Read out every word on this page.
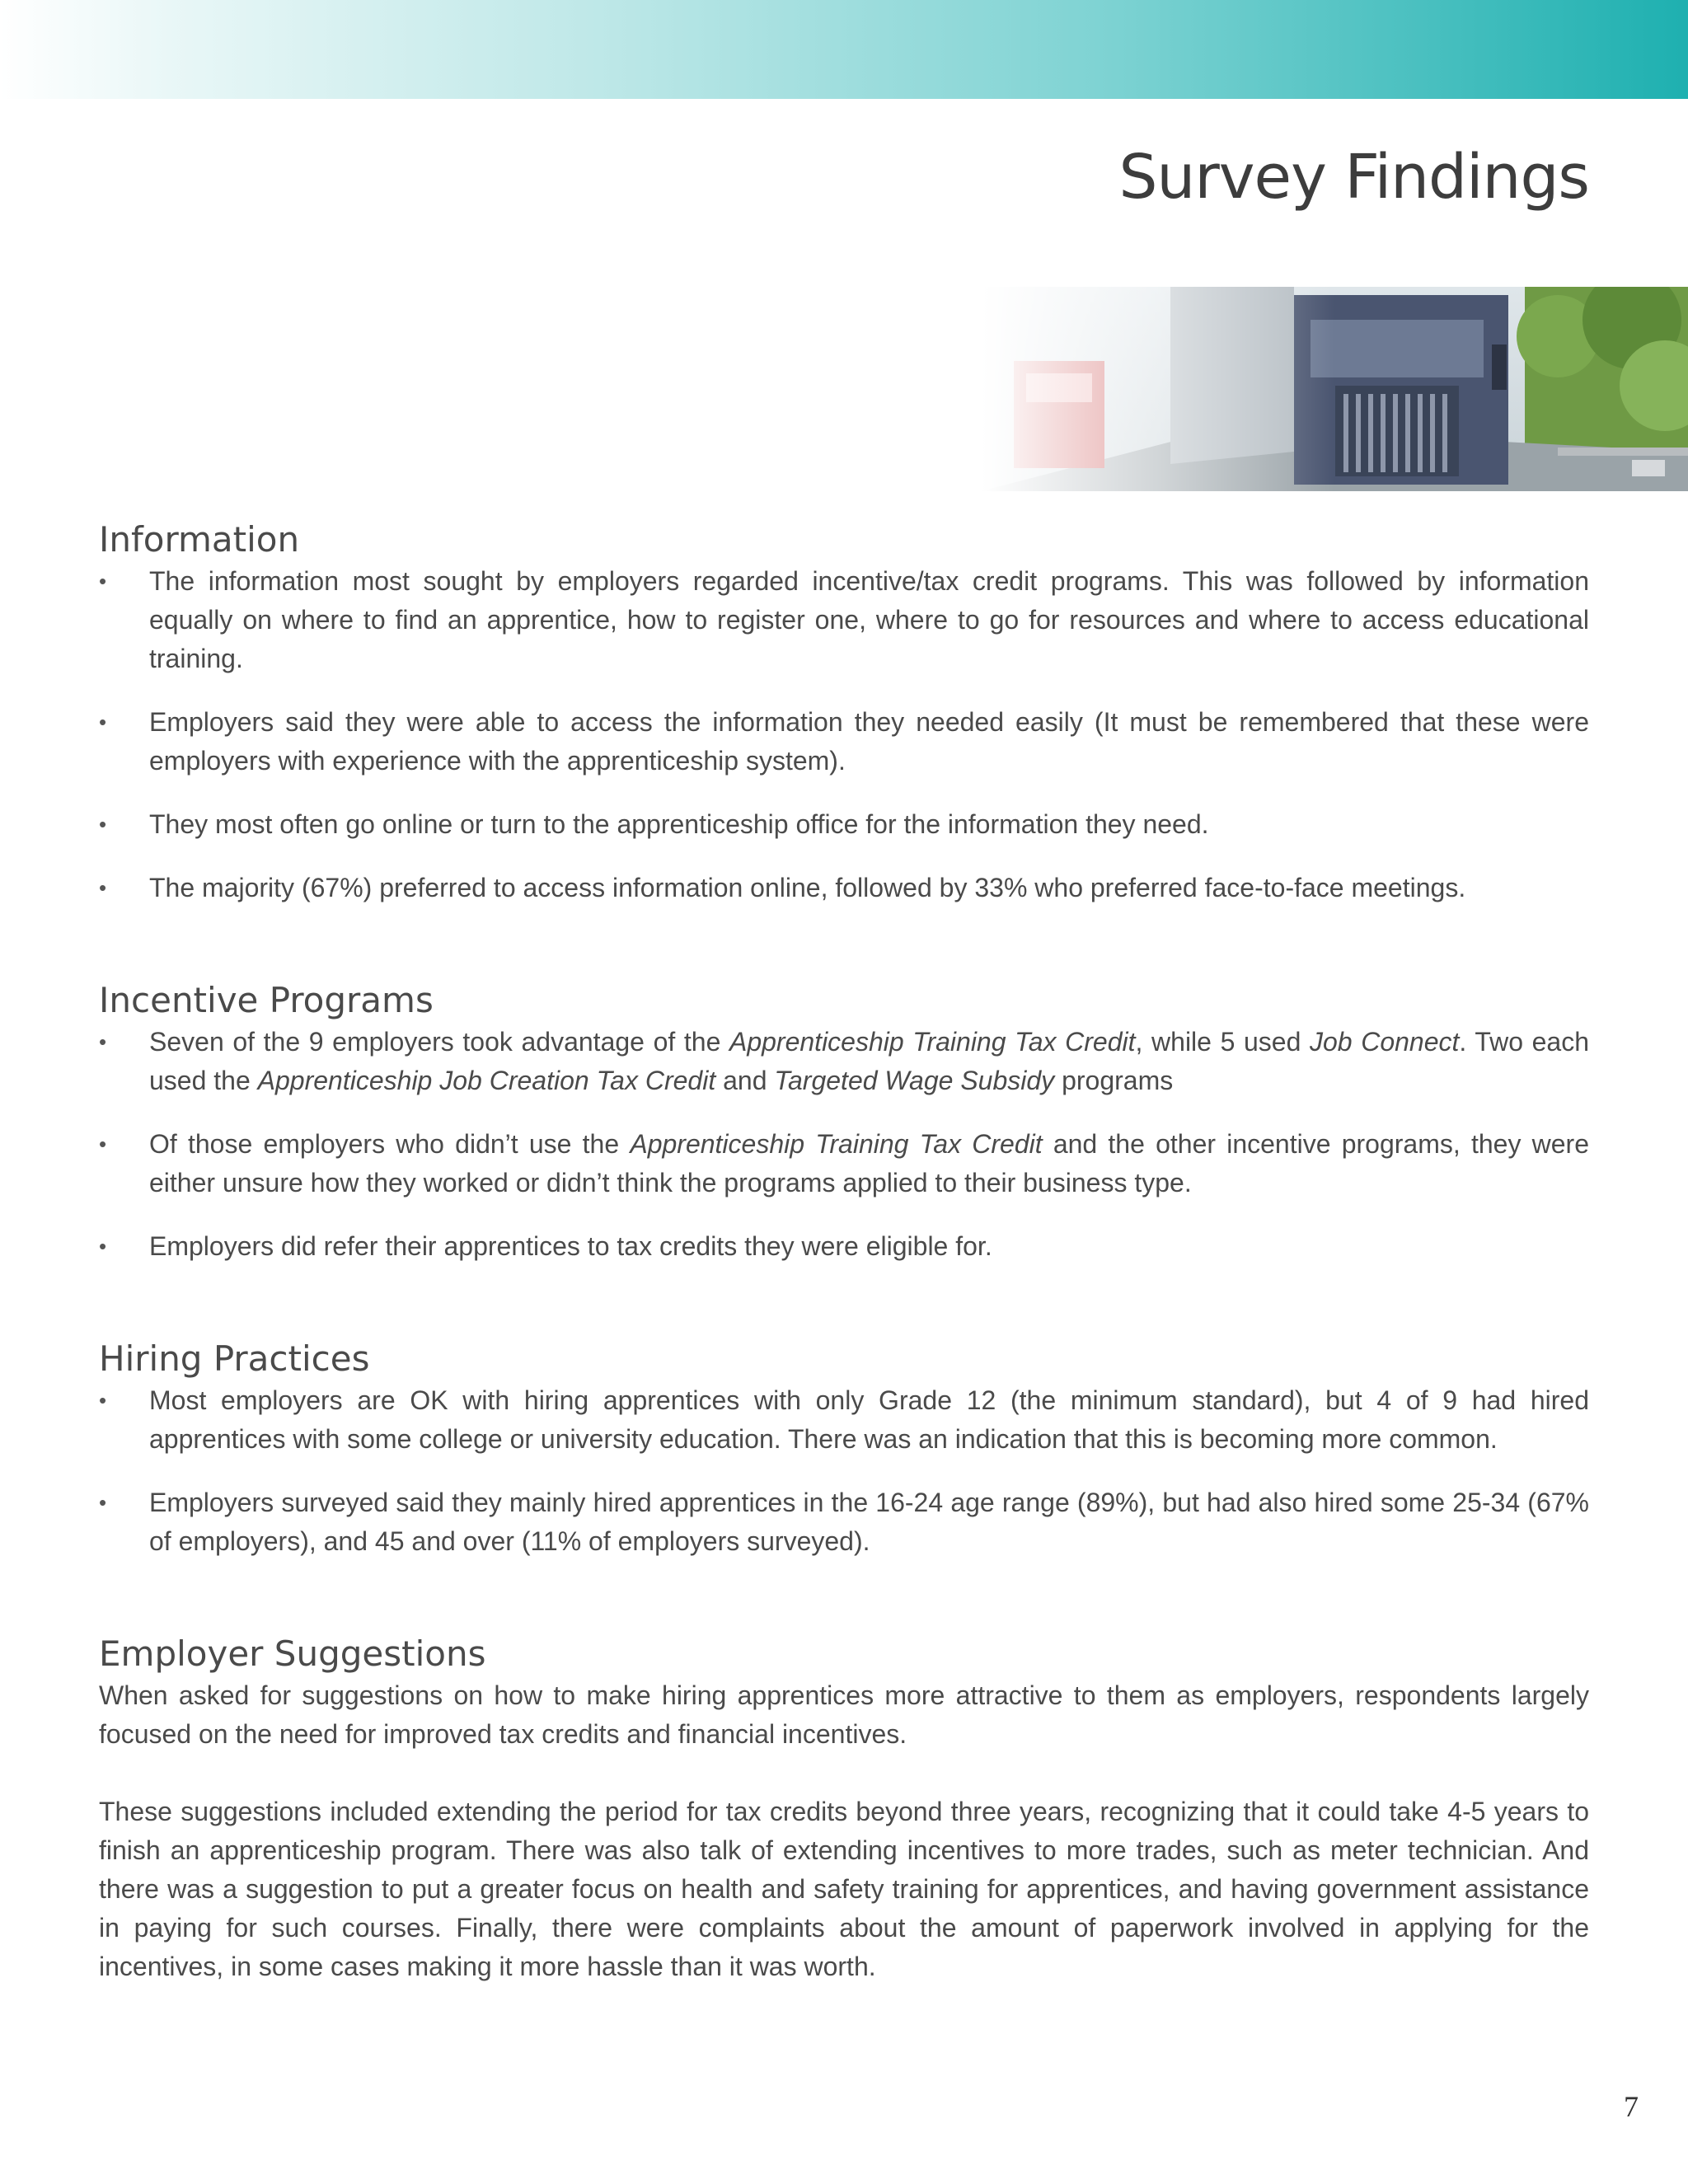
Survey Findings
Information
• The information most sought by employers regarded incentive/tax credit programs. This was followed by information equally on where to find an apprentice, how to register one, where to go for resources and where to access educational training.
• Employers said they were able to access the information they needed easily (It must be remembered that these were employers with experience with the apprenticeship system).
• They most often go online or turn to the apprenticeship office for the information they need.
• The majority (67%) preferred to access information online, followed by 33% who preferred face-to-face meetings.
Incentive Programs
• Seven of the 9 employers took advantage of the Apprenticeship Training Tax Credit, while 5 used Job Connect. Two each used the Apprenticeship Job Creation Tax Credit and Targeted Wage Subsidy programs
• Of those employers who didn’t use the Apprenticeship Training Tax Credit and the other incentive programs, they were either unsure how they worked or didn’t think the programs applied to their business type.
• Employers did refer their apprentices to tax credits they were eligible for.
Hiring Practices
• Most employers are OK with hiring apprentices with only Grade 12 (the minimum standard), but 4 of 9 had hired apprentices with some college or university education. There was an indication that this is becoming more common.
• Employers surveyed said they mainly hired apprentices in the 16-24 age range (89%), but had also hired some 25-34 (67% of employers), and 45 and over (11% of employers surveyed).
Employer Suggestions

When asked for suggestions on how to make hiring apprentices more attractive to them as employers, respondents largely focused on the need for improved tax credits and financial incentives.

These suggestions included extending the period for tax credits beyond three years, recognizing that it could take 4-5 years to finish an apprenticeship program. There was also talk of extending incentives to more trades, such as meter technician. And there was a suggestion to put a greater focus on health and safety training for apprentices, and having government assistance in paying for such courses. Finally, there were complaints about the amount of paperwork involved in applying for the incentives, in some cases making it more hassle than it was worth.

7
